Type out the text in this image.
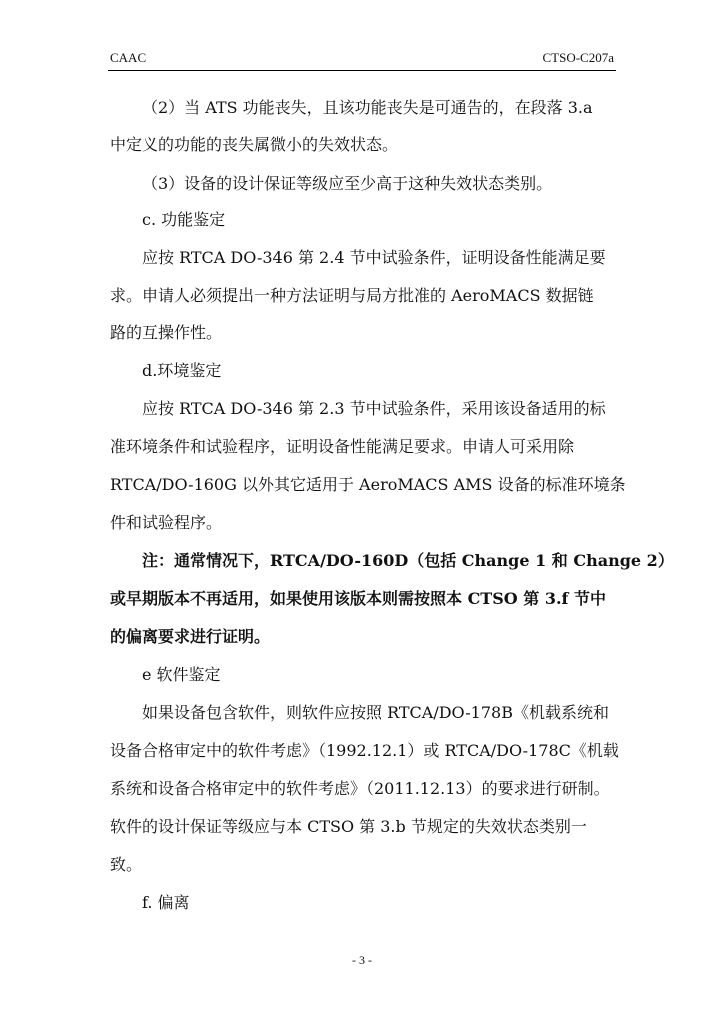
CAAC	CTSO-C207a
（2）当 ATS 功能丧失，且该功能丧失是可通告的，在段落 3.a
中定义的功能的丧失属微小的失效状态。
（3）设备的设计保证等级应至少高于这种失效状态类别。
c. 功能鉴定
应按 RTCA DO-346 第 2.4 节中试验条件，证明设备性能满足要
求。申请人必须提出一种方法证明与局方批准的 AeroMACS 数据链
路的互操作性。
d.环境鉴定
应按 RTCA DO-346 第 2.3 节中试验条件，采用该设备适用的标
准环境条件和试验程序，证明设备性能满足要求。申请人可采用除
RTCA/DO-160G 以外其它适用于 AeroMACS AMS 设备的标准环境条
件和试验程序。
注：通常情况下，RTCA/DO-160D（包括 Change 1 和 Change 2）
或早期版本不再适用，如果使用该版本则需按照本 CTSO 第 3.f 节中
的偏离要求进行证明。
e 软件鉴定
如果设备包含软件，则软件应按照 RTCA/DO-178B《机载系统和
设备合格审定中的软件考虑》（1992.12.1）或 RTCA/DO-178C《机载
系统和设备合格审定中的软件考虑》（2011.12.13）的要求进行研制。
软件的设计保证等级应与本 CTSO 第 3.b 节规定的失效状态类别一
致。
f. 偏离
- 3 -
